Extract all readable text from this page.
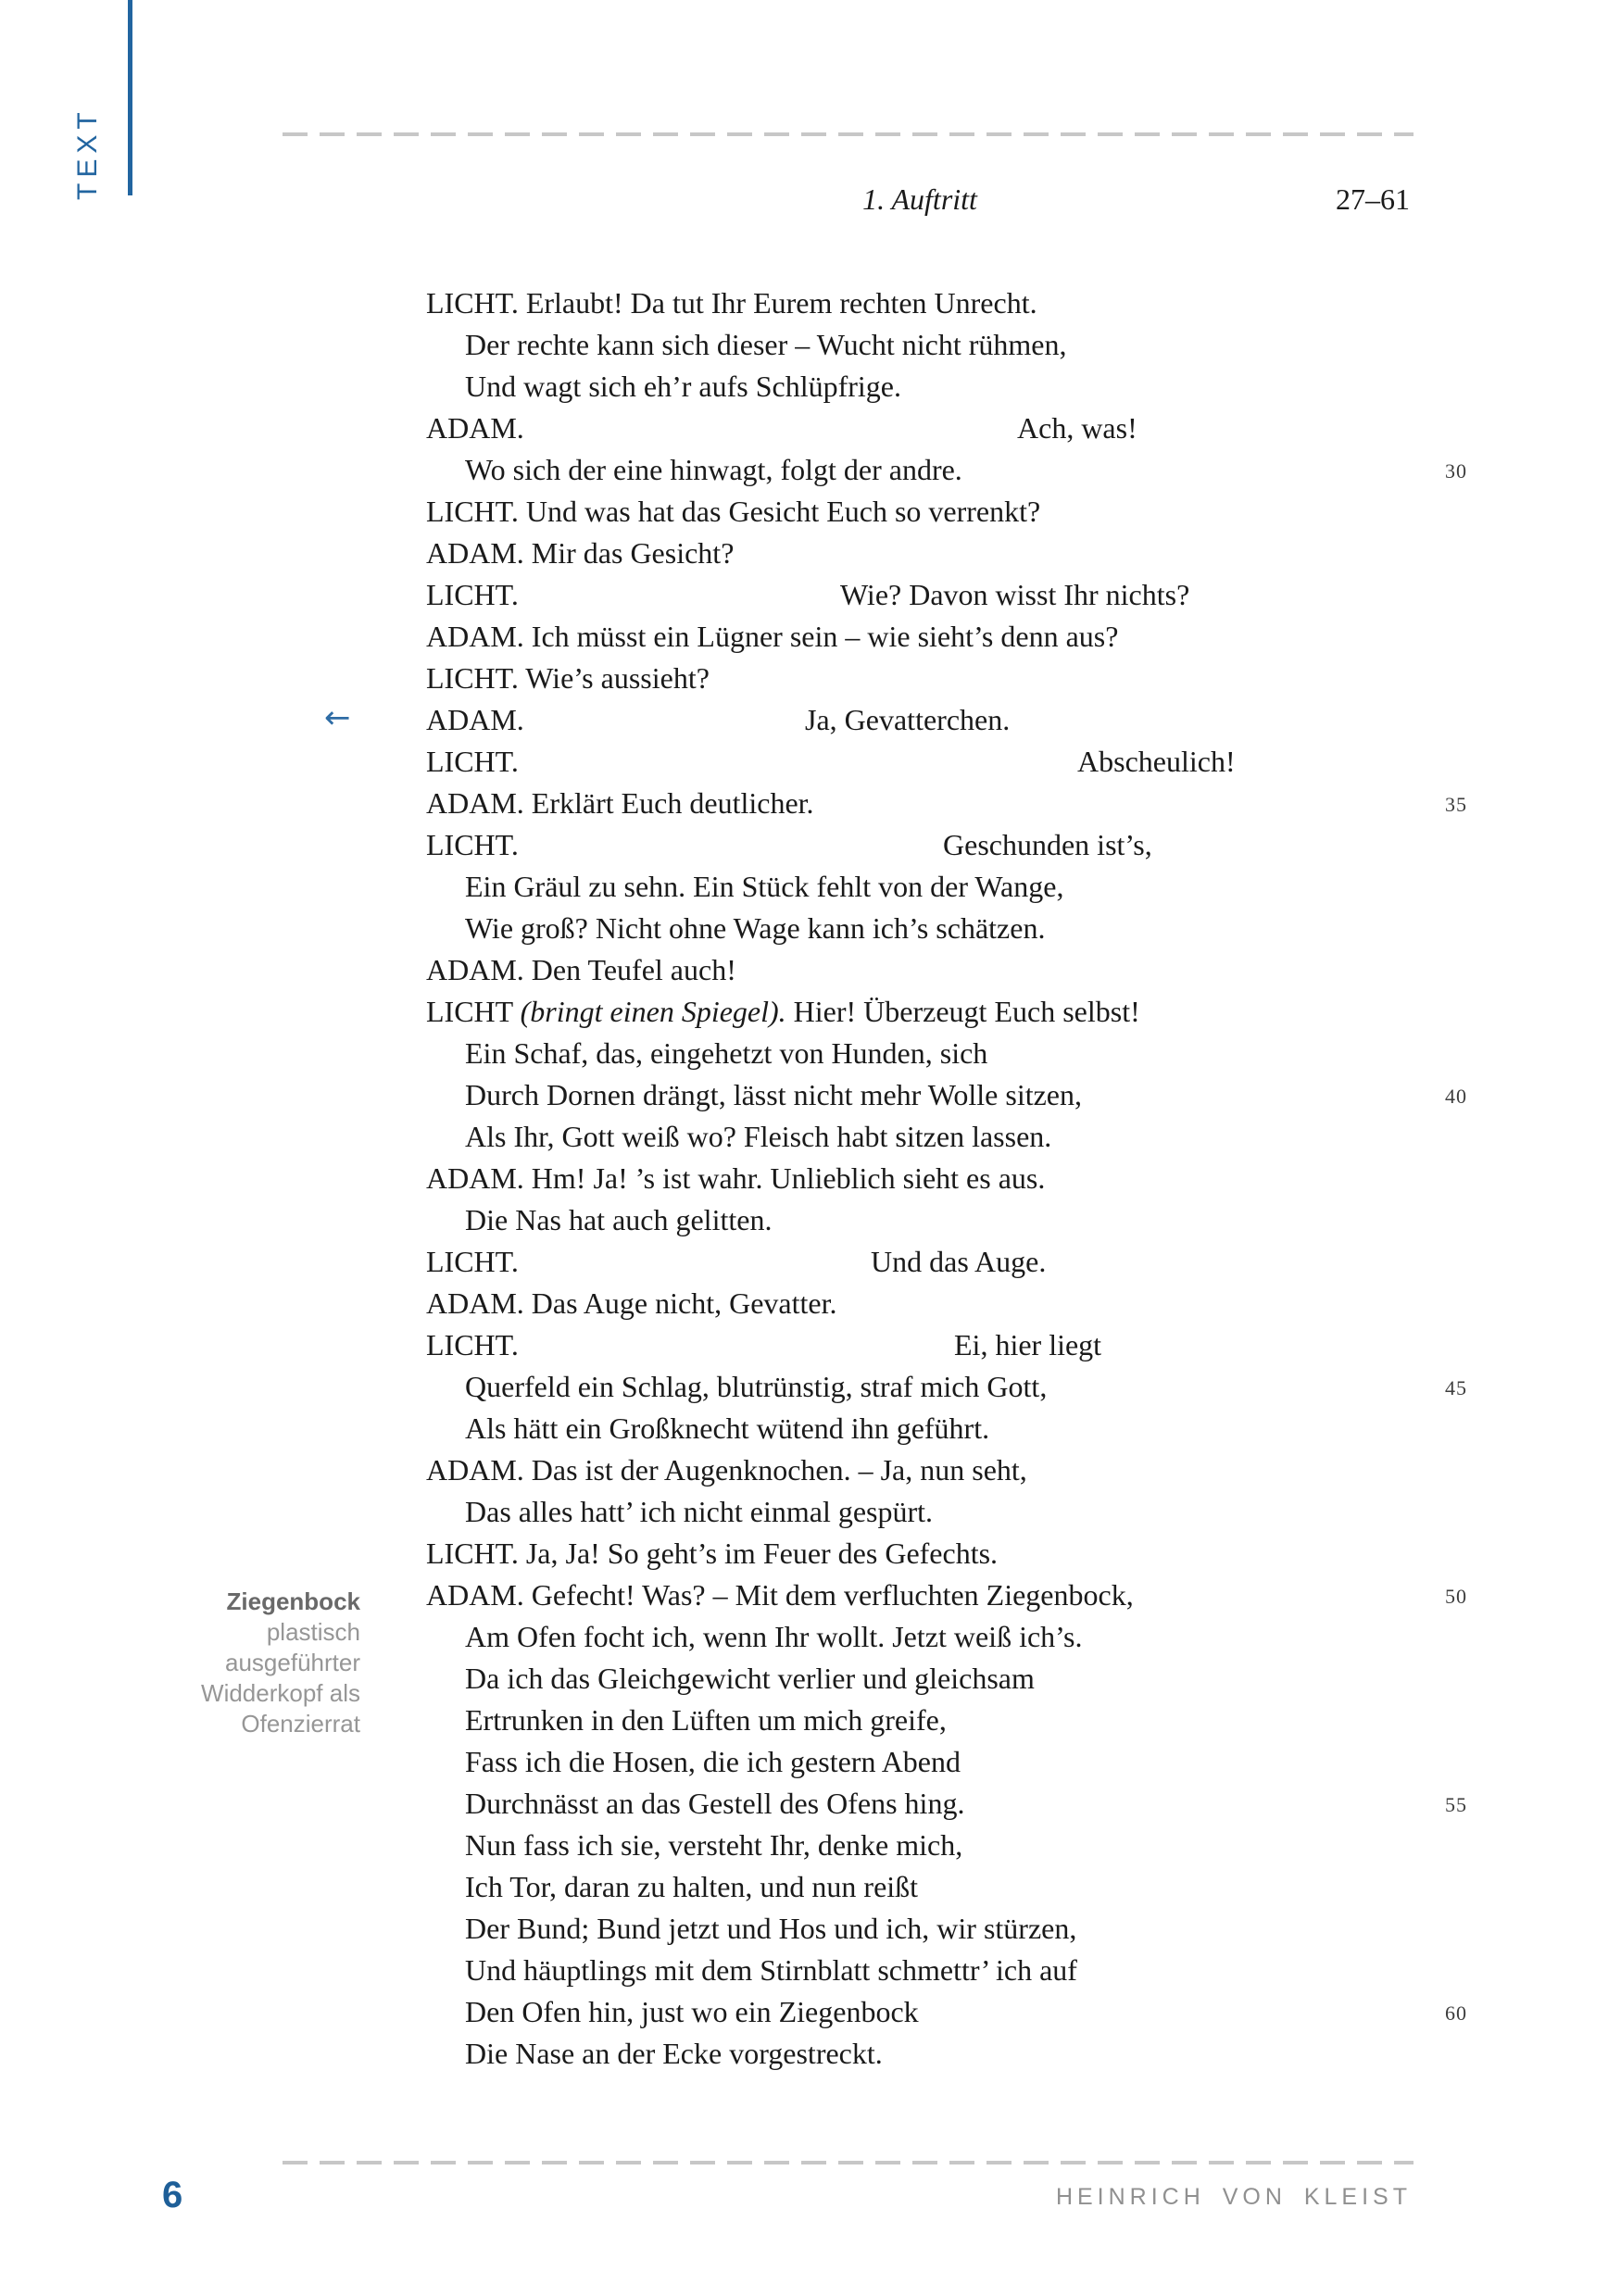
TEXT	1. Auftritt	27–61
LICHT. Erlaubt! Da tut Ihr Eurem rechten Unrecht.
Der rechte kann sich dieser – Wucht nicht rühmen,
Und wagt sich eh’r aufs Schlüpfrige.
ADAM.	Ach, was!
Wo sich der eine hinwagt, folgt der andre.	30
LICHT. Und was hat das Gesicht Euch so verrenkt?
ADAM. Mir das Gesicht?
LICHT.	Wie? Davon wisst Ihr nichts?
ADAM. Ich müsst ein Lügner sein – wie sieht’s denn aus?
LICHT. Wie’s aussieht?
←	ADAM.	Ja, Gevatterchen.
LICHT.	Abscheulich!
ADAM. Erklärt Euch deutlicher.	35
LICHT.	Geschunden ist’s,
Ein Gräul zu sehn. Ein Stück fehlt von der Wange,
Wie groß? Nicht ohne Wage kann ich’s schätzen.
ADAM. Den Teufel auch!
LICHT (bringt einen Spiegel). Hier! Überzeugt Euch selbst!
Ein Schaf, das, eingehetzt von Hunden, sich
Durch Dornen drängt, lässt nicht mehr Wolle sitzen,	40
Als Ihr, Gott weiß wo? Fleisch habt sitzen lassen.
ADAM. Hm! Ja! ’s ist wahr. Unlieblich sieht es aus.
Die Nas hat auch gelitten.
LICHT.	Und das Auge.
ADAM. Das Auge nicht, Gevatter.
LICHT.	Ei, hier liegt
Querfeld ein Schlag, blutrünstig, straf mich Gott,	45
Als hätt ein Großknecht wütend ihn geführt.
ADAM. Das ist der Augenknochen. – Ja, nun seht,
Das alles hatt’ ich nicht einmal gespürt.
LICHT. Ja, Ja! So geht’s im Feuer des Gefechts.
ADAM. Gefecht! Was? – Mit dem verfluchten Ziegenbock,	50
Am Ofen focht ich, wenn Ihr wollt. Jetzt weiß ich’s.
Da ich das Gleichgewicht verlier und gleichsam
Ertrunken in den Lüften um mich greife,
Fass ich die Hosen, die ich gestern Abend
Durchnässt an das Gestell des Ofens hing.	55
Nun fass ich sie, versteht Ihr, denke mich,
Ich Tor, daran zu halten, und nun reißt
Der Bund; Bund jetzt und Hos und ich, wir stürzen,
Und häuptlings mit dem Stirnblatt schmettr’ ich auf
Den Ofen hin, just wo ein Ziegenbock	60
Die Nase an der Ecke vorgestreckt.
Ziegenbock
plastisch
ausgeführter
Widderkopf als
Ofenzierrat
6	HEINRICH VON KLEIST
